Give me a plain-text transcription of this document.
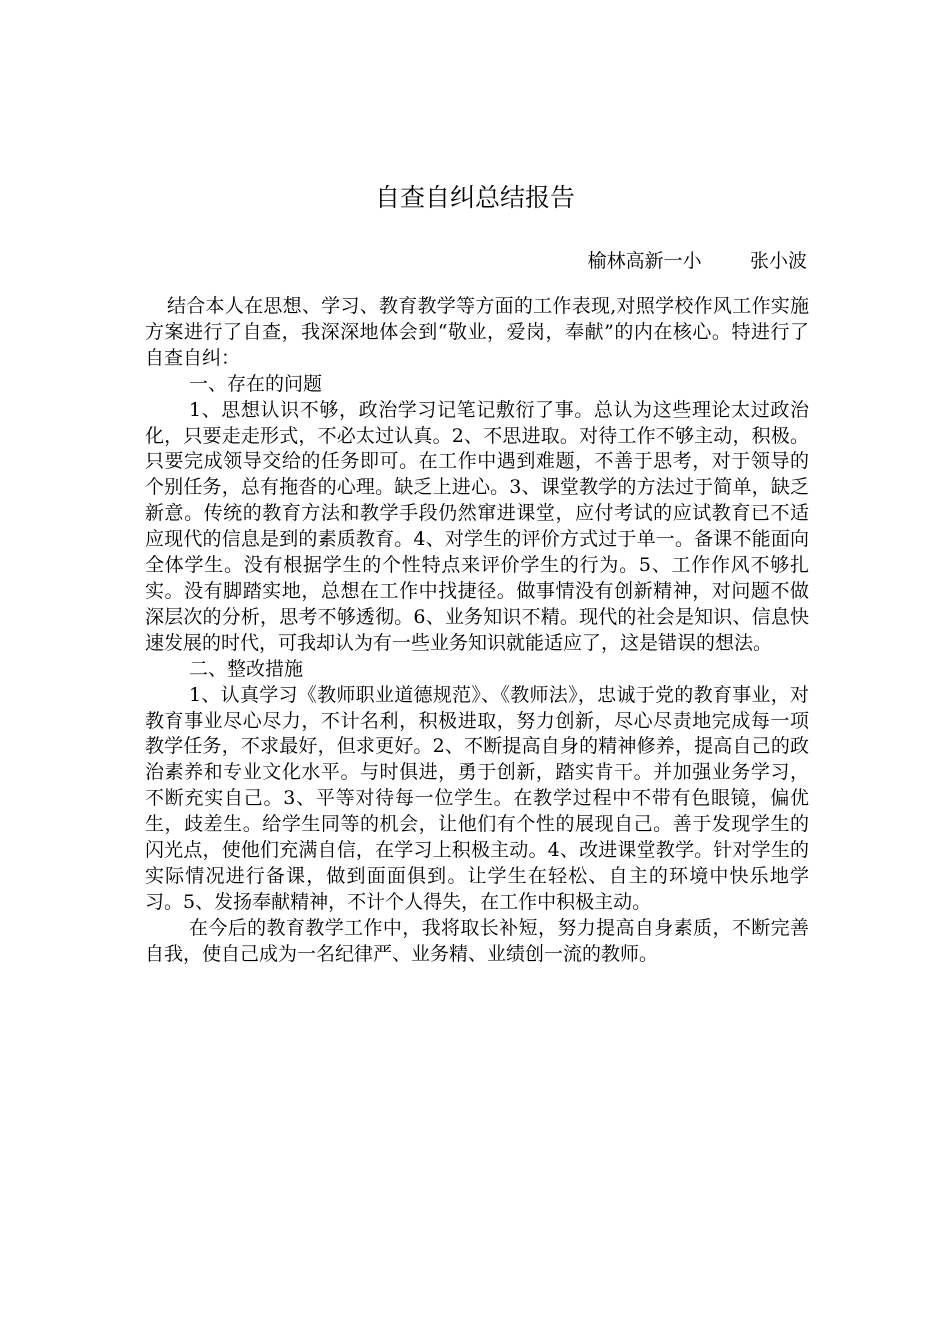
自查自纠总结报告
榆林高新一小        张小波

结合本人在思想、学习、教育教学等方面的工作表现,对照学校作风工作实施方案进行了自查，我深深地体会到“敬业，爱岗，奉献”的内在核心。特进行了自查自纠：

一、存在的问题

1、思想认识不够，政治学习记笔记敷衍了事。总认为这些理论太过政治化，只要走走形式，不必太过认真。2、不思进取。对待工作不够主动，积极。只要完成领导交给的任务即可。在工作中遇到难题，不善于思考，对于领导的个别任务，总有拖沓的心理。缺乏上进心。3、课堂教学的方法过于简单，缺乏新意。传统的教育方法和教学手段仍然窜进课堂，应付考试的应试教育已不适应现代的信息是到的素质教育。4、对学生的评价方式过于单一。备课不能面向全体学生。没有根据学生的个性特点来评价学生的行为。5、工作作风不够扎实。没有脚踏实地，总想在工作中找捷径。做事情没有创新精神，对问题不做深层次的分析，思考不够透彻。6、业务知识不精。现代的社会是知识、信息快速发展的时代，可我却认为有一些业务知识就能适应了，这是错误的想法。

二、整改措施

1、认真学习《教师职业道德规范》、《教师法》，忠诚于党的教育事业，对教育事业尽心尽力，不计名利，积极进取，努力创新，尽心尽责地完成每一项教学任务，不求最好，但求更好。2、不断提高自身的精神修养，提高自己的政治素养和专业文化水平。与时俱进，勇于创新，踏实肯干。并加强业务学习，不断充实自己。3、平等对待每一位学生。在教学过程中不带有色眼镜，偏优生，歧差生。给学生同等的机会，让他们有个性的展现自己。善于发现学生的闪光点，使他们充满自信，在学习上积极主动。4、改进课堂教学。针对学生的实际情况进行备课，做到面面俱到。让学生在轻松、自主的环境中快乐地学习。5、发扬奉献精神，不计个人得失，在工作中积极主动。

在今后的教育教学工作中，我将取长补短，努力提高自身素质，不断完善自我，使自己成为一名纪律严、业务精、业绩创一流的教师。
